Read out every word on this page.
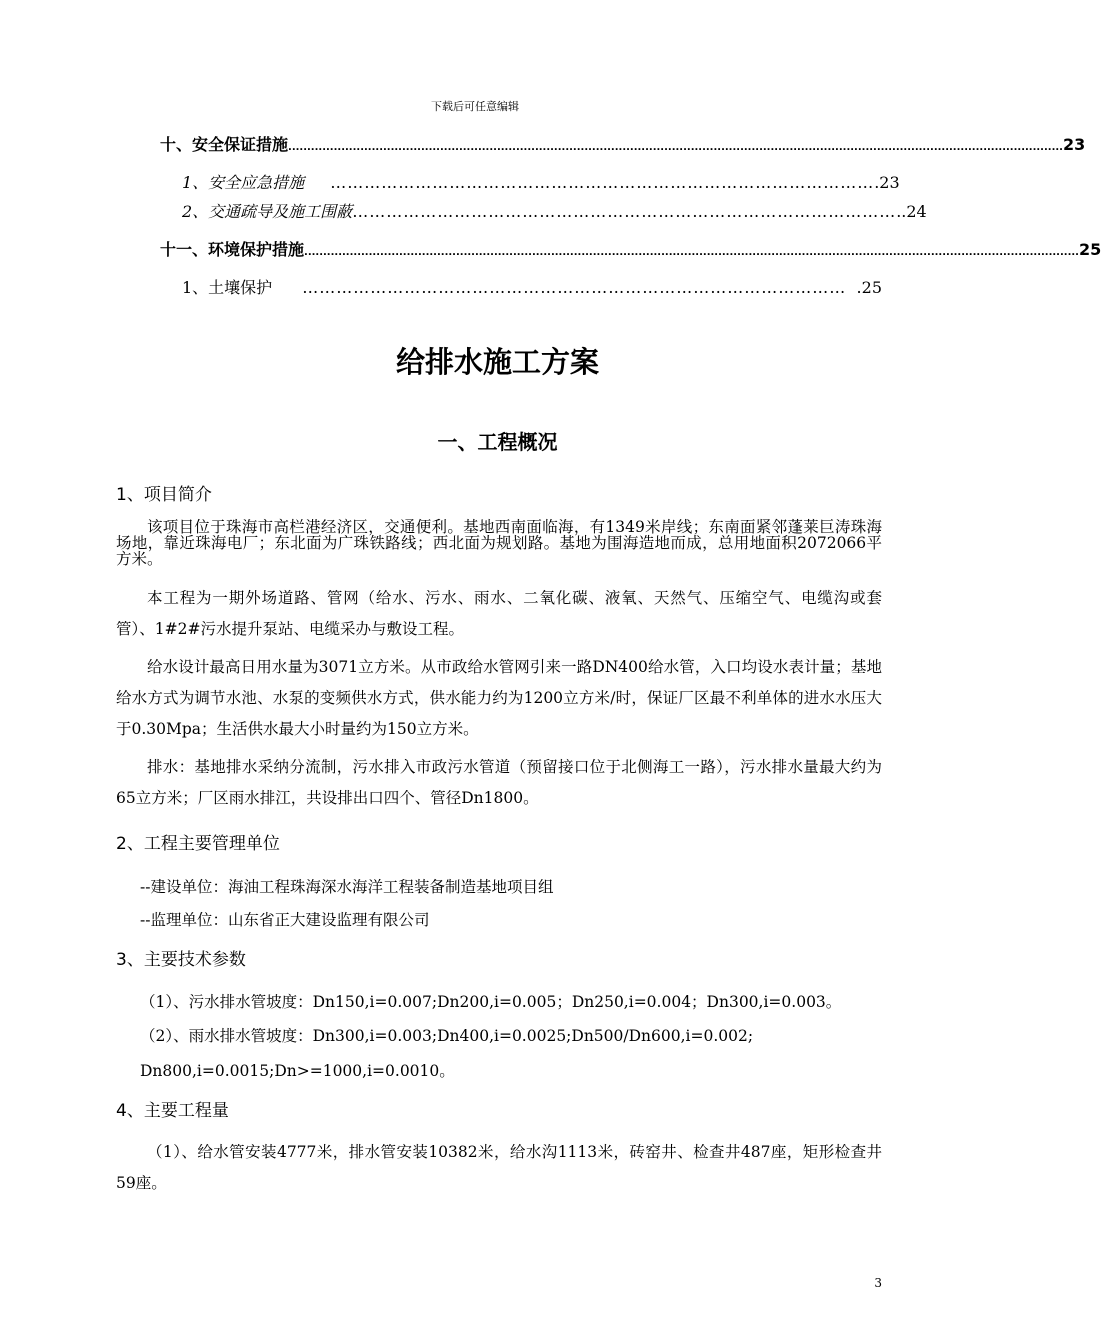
下载后可任意编辑
十、安全保证措施 ............................................................................................................................................................................................................ 23
1、安全应急措施	…………………………………………………………………………………… .23
2、交通疏导及施工围蔽 …………………………………………………………………………………… ..24
十一、环境保护措施 ............................................................................................................................................................................................................ 25
1、土壤保护	…………………………………………………………………………………… .25
给排水施工方案
一、工程概况
1、项目简介
该项目位于珠海市高栏港经济区，交通便利。基地西南面临海，有1349米岸线；东南面紧邻蓬莱巨涛珠海场地，靠近珠海电厂；东北面为广珠铁路线；西北面为规划路。基地为围海造地而成，总用地面积2072066平方米。
本工程为一期外场道路、管网（给水、污水、雨水、二氧化碳、液氧、天然气、压缩空气、电缆沟或套管）、1#2#污水提升泵站、电缆采办与敷设工程。
给水设计最高日用水量为3071立方米。从市政给水管网引来一路DN400给水管，入口均设水表计量；基地给水方式为调节水池、水泵的变频供水方式，供水能力约为1200立方米/时，保证厂区最不利单体的进水水压大于0.30Mpa；生活供水最大小时量约为150立方米。
排水：基地排水采纳分流制，污水排入市政污水管道（预留接口位于北侧海工一路），污水排水量最大约为65立方米；厂区雨水排江，共设排出口四个、管径Dn1800。
2、工程主要管理单位
--建设单位：海油工程珠海深水海洋工程装备制造基地项目组
--监理单位：山东省正大建设监理有限公司
3、主要技术参数
（1）、污水排水管坡度：Dn150,i=0.007;Dn200,i=0.005；Dn250,i=0.004；Dn300,i=0.003。
（2）、雨水排水管坡度：Dn300,i=0.003;Dn400,i=0.0025;Dn500/Dn600,i=0.002;
Dn800,i=0.0015;Dn>=1000,i=0.0010。
4、主要工程量
（1）、给水管安装4777米，排水管安装10382米，给水沟1113米，砖窑井、检查井487座，矩形检查井59座。
3
